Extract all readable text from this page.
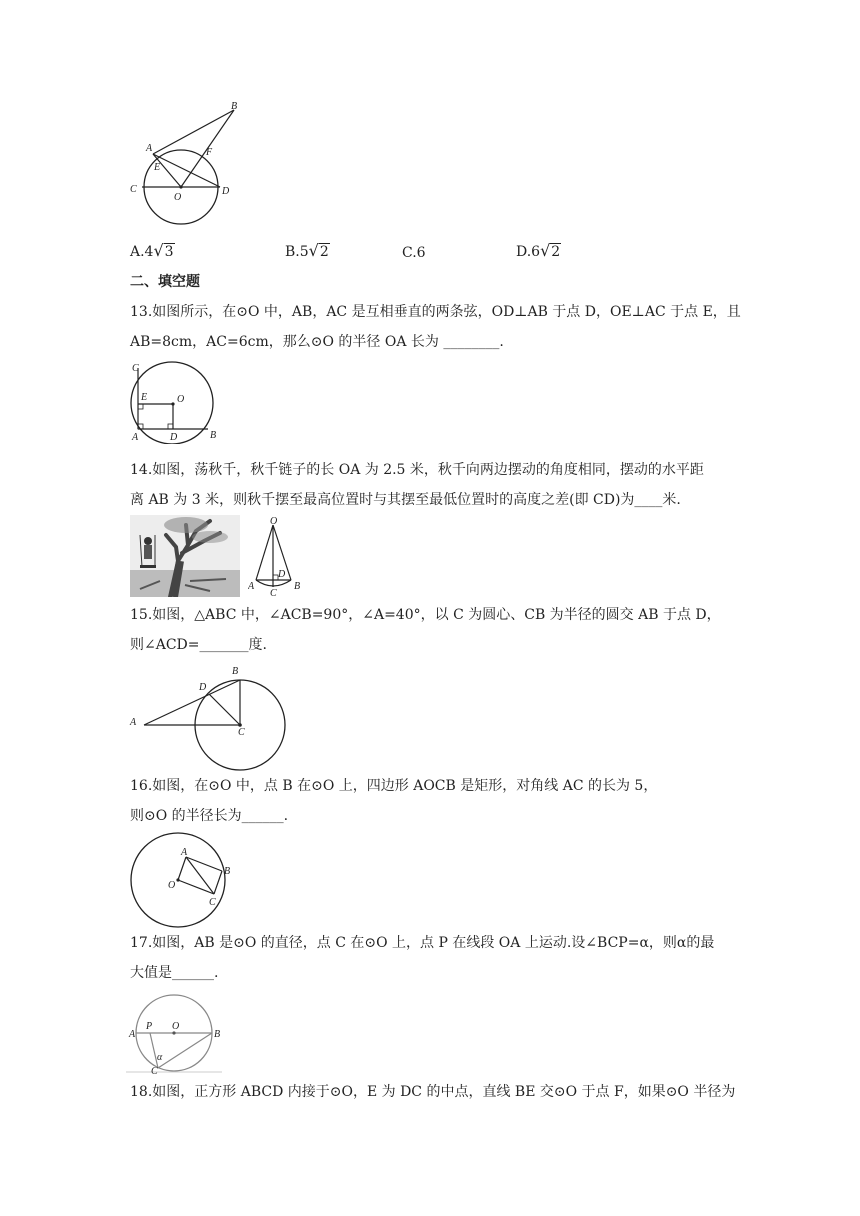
B
A	F
E
C
O
D
A.4√3	B.5√2	C.6	D.6√2
二、填空题
13.如图所示，在⊙O 中，AB，AC 是互相垂直的两条弦，OD⊥AB 于点 D，OE⊥AC 于点 E，且
AB=8cm，AC=6cm，那么⊙O 的半径 OA 长为 ________.
C
E	O
A	D	B
14.如图，荡秋千，秋千链子的长 OA 为 2.5 米，秋千向两边摆动的角度相同，摆动的水平距
离 AB 为 3 米，则秋千摆至最高位置时与其摆至最低位置时的高度之差(即 CD)为____米.
O
D
A
C
B
15.如图，△ABC 中，∠ACB=90°，∠A=40°，以 C 为圆心、CB 为半径的圆交 AB 于点 D，
则∠ACD=_______度.
B
D
A
C
16.如图，在⊙O 中，点 B 在⊙O 上，四边形 AOCB 是矩形，对角线 AC 的长为 5，
则⊙O 的半径长为______.
A
B
O
C
17.如图，AB 是⊙O 的直径，点 C 在⊙O 上，点 P 在线段 OA 上运动.设∠BCP=α，则α的最
大值是______.
P O
A	B
α
C
18.如图，正方形 ABCD 内接于⊙O，E 为 DC 的中点，直线 BE 交⊙O 于点 F，如果⊙O 半径为
